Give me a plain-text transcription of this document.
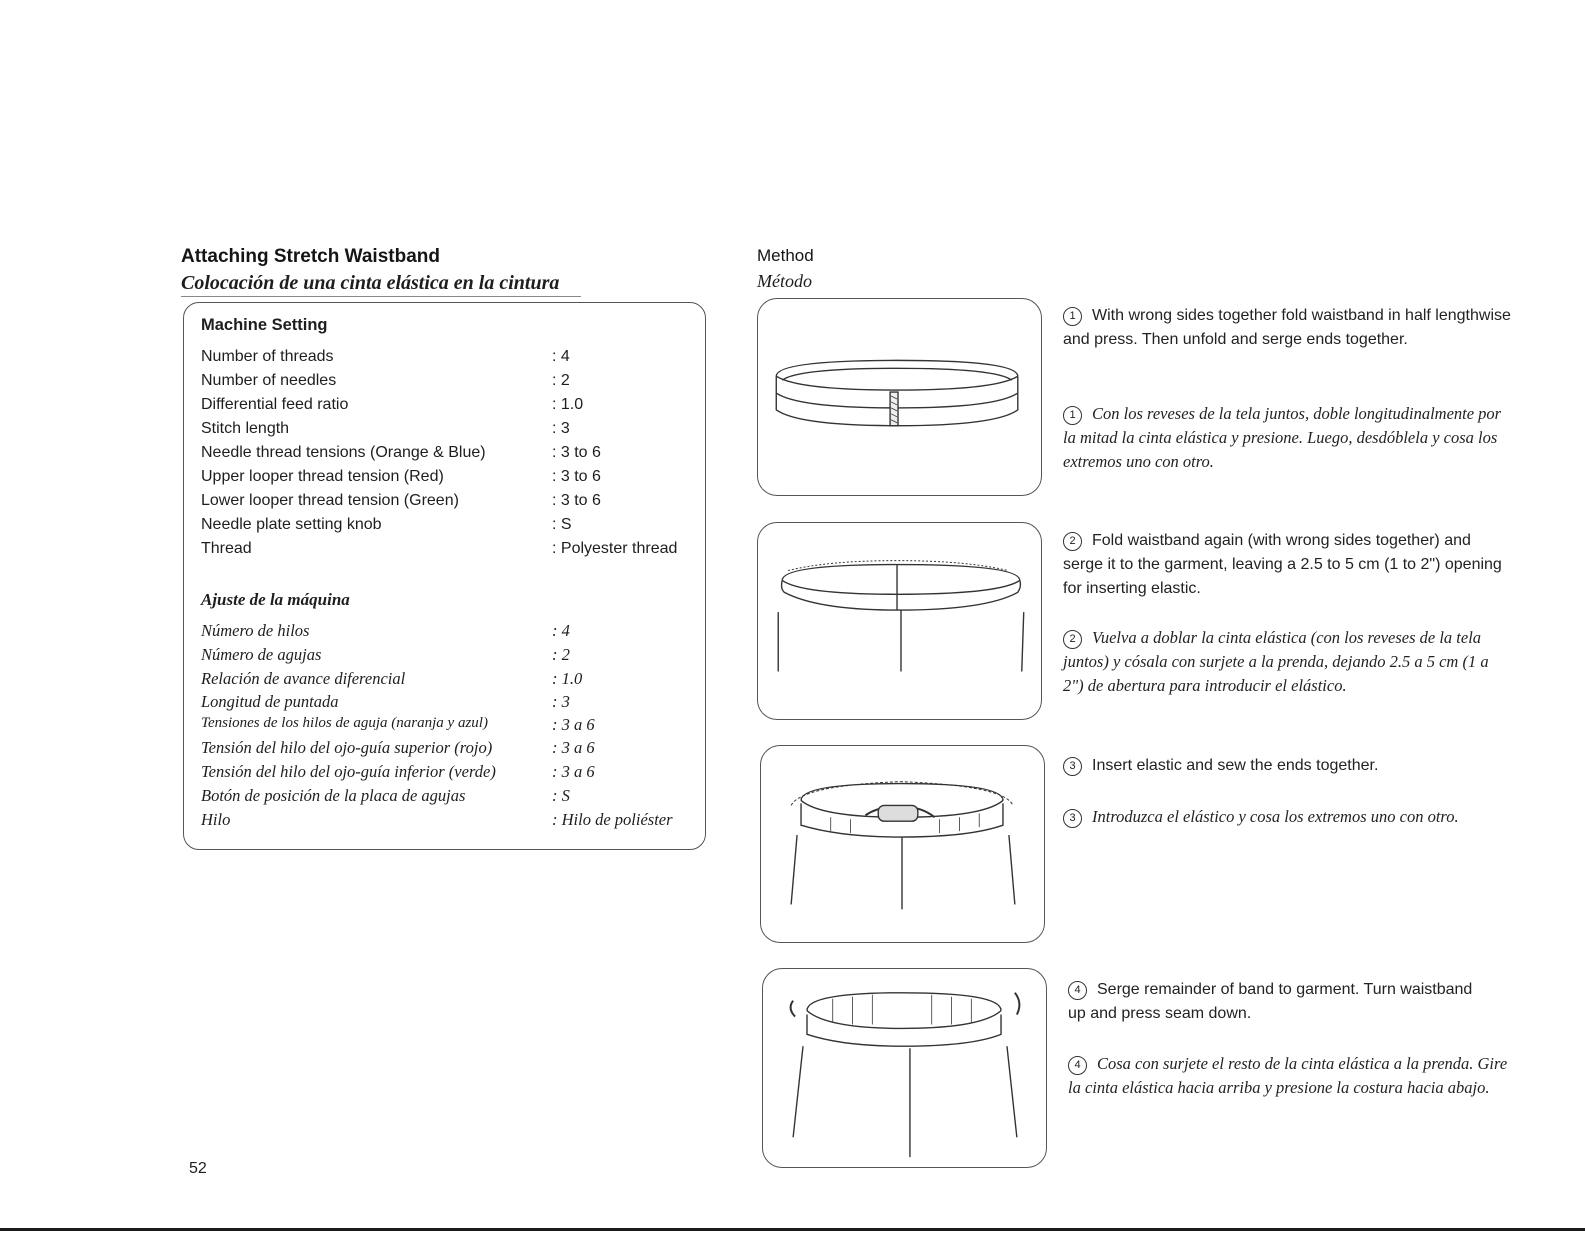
Attaching Stretch Waistband
Colocación de una cinta elástica en la cintura
Machine Setting
Number of threads	: 4
Number of needles	: 2
Differential feed ratio	: 1.0
Stitch length	: 3
Needle thread tensions (Orange & Blue)	: 3 to 6
Upper looper thread tension (Red)	: 3 to 6
Lower looper thread tension (Green)	: 3 to 6
Needle plate setting knob	: S
Thread	: Polyester thread
Ajuste de la máquina
Número de hilos	: 4
Número de agujas	: 2
Relación de avance diferencial	: 1.0
Longitud de puntada	: 3
Tensiones de los hilos de aguja (naranja y azul)	: 3 a 6
Tensión del hilo del ojo-guía superior (rojo)	: 3 a 6
Tensión del hilo del ojo-guía inferior (verde)	: 3 a 6
Botón de posición de la placa de agujas	: S
Hilo	: Hilo de poliéster
Method
Método
1 With wrong sides together fold waistband in half lengthwise and press. Then unfold and serge ends together.
1 Con los reveses de la tela juntos, doble longitudinalmente por la mitad la cinta elástica y presione. Luego, desdóblela y cosa los extremos uno con otro.
2 Fold waistband again (with wrong sides together) and serge it to the garment, leaving a 2.5 to 5 cm (1 to 2") opening for inserting elastic.
2 Vuelva a doblar la cinta elástica (con los reveses de la tela juntos) y cósala con surjete a la prenda, dejando 2.5 a 5 cm (1 a 2") de abertura para introducir el elástico.
3 Insert elastic and sew the ends together.
3 Introduzca el elástico y cosa los extremos uno con otro.
4 Serge remainder of band to garment. Turn waistband up and press seam down.
4 Cosa con surjete el resto de la cinta elástica a la prenda. Gire la cinta elástica hacia arriba y presione la costura hacia abajo.
52
